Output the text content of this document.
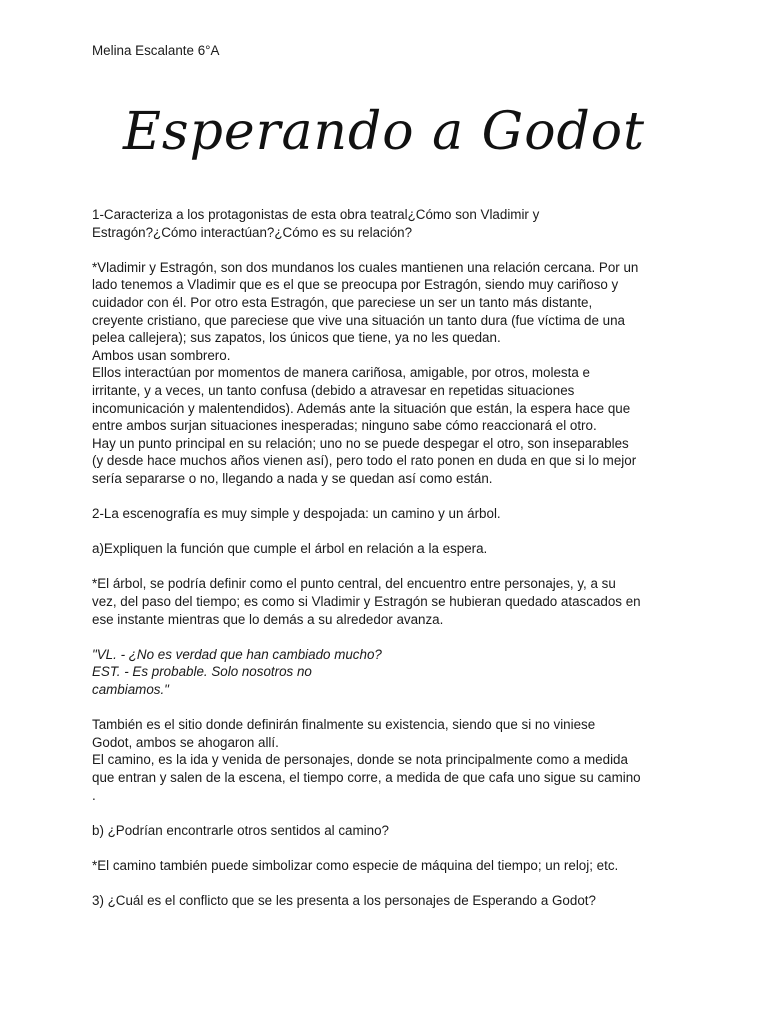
Melina Escalante 6°A
Esperando a Godot

1-Caracteriza a los protagonistas de esta obra teatral¿Cómo son Vladimir y
Estragón?¿Cómo interactúan?¿Cómo es su relación?

*Vladimir y Estragón, son dos mundanos los cuales mantienen una relación cercana. Por un
lado tenemos a Vladimir que es el que se preocupa por Estragón, siendo muy cariñoso y
cuidador con él. Por otro esta Estragón, que pareciese un ser un tanto más distante,
creyente cristiano, que pareciese que vive una situación un tanto dura (fue víctima de una
pelea callejera); sus zapatos, los únicos que tiene, ya no les quedan.
Ambos usan sombrero.
Ellos interactúan por momentos de manera cariñosa, amigable, por otros, molesta e
irritante, y a veces, un tanto confusa (debido a atravesar en repetidas situaciones
incomunicación y malentendidos). Además ante la situación que están, la espera hace que
entre ambos surjan situaciones inesperadas; ninguno sabe cómo reaccionará el otro.
Hay un punto principal en su relación; uno no se puede despegar el otro, son inseparables
(y desde hace muchos años vienen así), pero todo el rato ponen en duda en que si lo mejor
sería separarse o no, llegando a nada y se quedan así como están.

2-La escenografía es muy simple y despojada: un camino y un árbol.

a)Expliquen la función que cumple el árbol en relación a la espera.

*El árbol, se podría definir como el punto central, del encuentro entre personajes, y, a su
vez, del paso del tiempo; es como si Vladimir y Estragón se hubieran quedado atascados en
ese instante mientras que lo demás a su alrededor avanza.

"VL. - ¿No es verdad que han cambiado mucho?
EST. - Es probable. Solo nosotros no
cambiamos."

También es el sitio donde definirán finalmente su existencia, siendo que si no viniese
Godot, ambos se ahogaron allí.
El camino, es la ida y venida de personajes, donde se nota principalmente como a medida
que entran y salen de la escena, el tiempo corre, a medida de que cafa uno sigue su camino
.

b) ¿Podrían encontrarle otros sentidos al camino?

*El camino también puede simbolizar como especie de máquina del tiempo; un reloj; etc.

3) ¿Cuál es el conflicto que se les presenta a los personajes de Esperando a Godot?
